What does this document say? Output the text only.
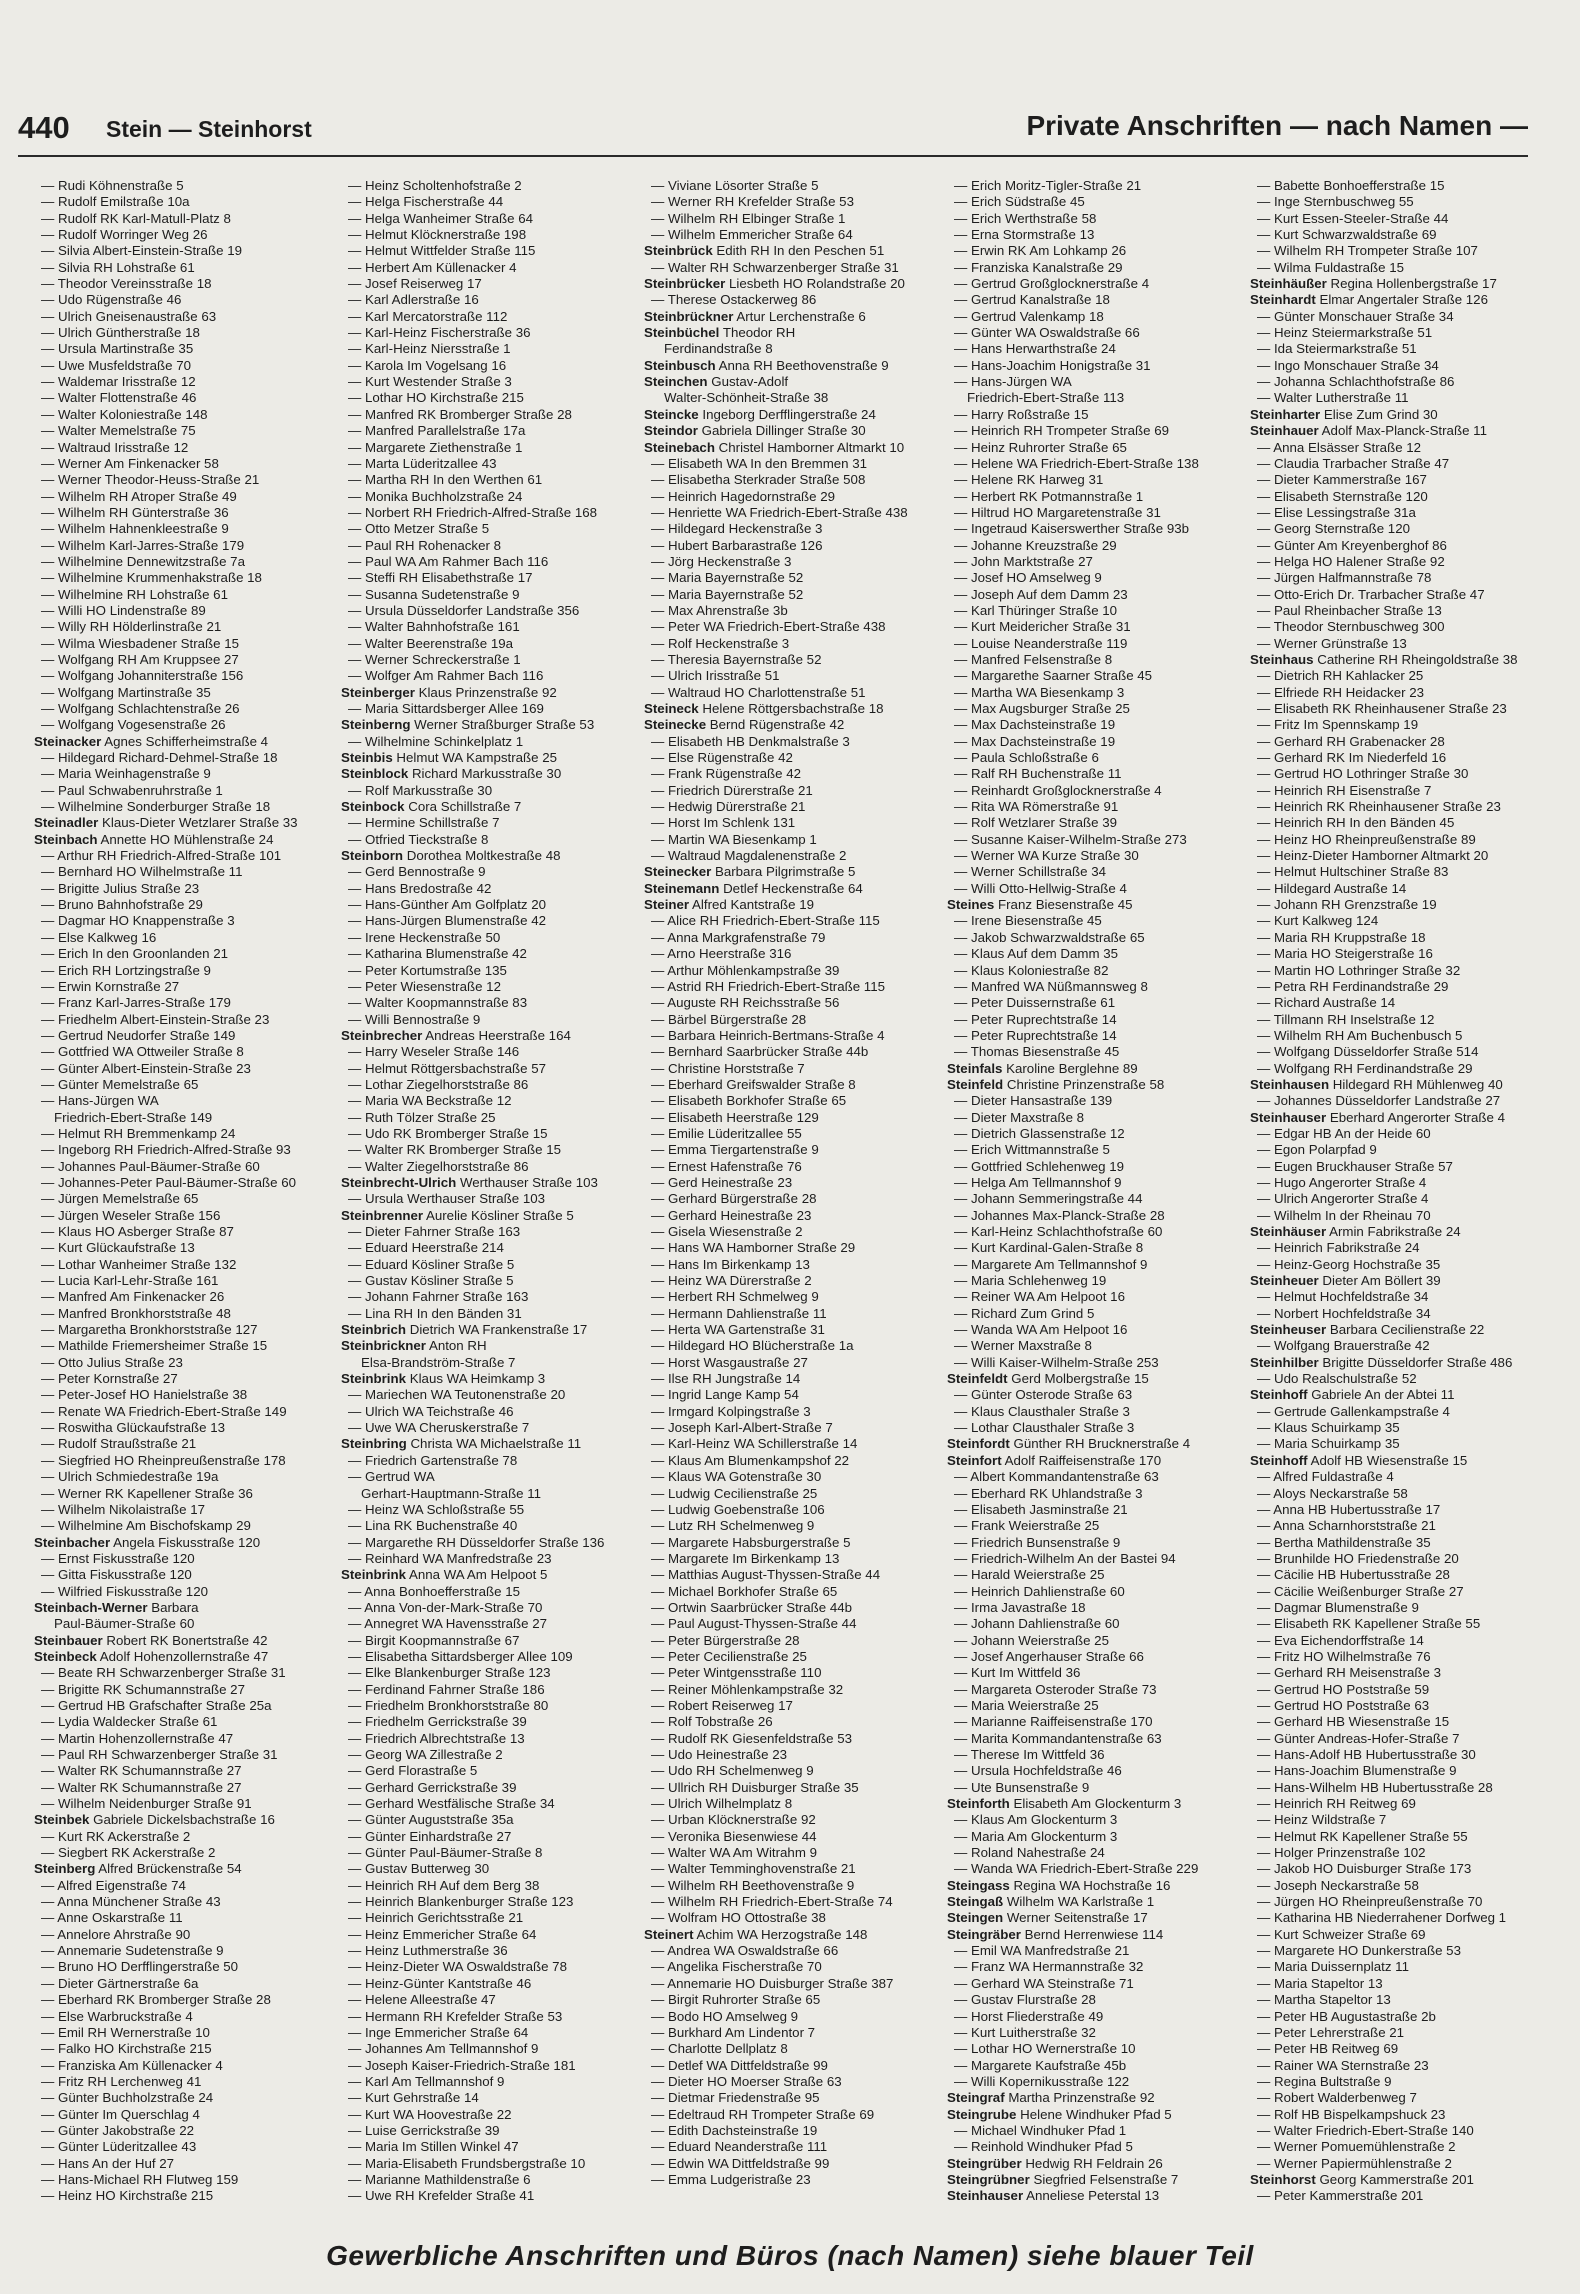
440 Stein — Steinhorst	Private Anschriften — nach Namen —
— Rudi Köhnenstraße 5
— Rudolf Emilstraße 10a
— Rudolf RK Karl-Matull-Platz 8
— Rudolf Worringer Weg 26
— Silvia Albert-Einstein-Straße 19
— Silvia RH Lohstraße 61
— Theodor Vereinsstraße 18
— Udo Rügenstraße 46
— Ulrich Gneisenaustraße 63
— Ulrich Güntherstraße 18
— Ursula Martinstraße 35
— Uwe Musfeldstraße 70
— Waldemar Irisstraße 12
— Walter Flottenstraße 46
— Walter Koloniestraße 148
— Walter Memelstraße 75
— Waltraud Irisstraße 12
— Werner Am Finkenacker 58
— Werner Theodor-Heuss-Straße 21
— Wilhelm RH Atroper Straße 49
— Wilhelm RH Günterstraße 36
— Wilhelm Hahnenkleestraße 9
— Wilhelm Karl-Jarres-Straße 179
— Wilhelmine Dennewitzstraße 7a
— Wilhelmine Krummenhakstraße 18
— Wilhelmine RH Lohstraße 61
— Willi HO Lindenstraße 89
— Willy RH Hölderlinstraße 21
— Wilma Wiesbadener Straße 15
— Wolfgang RH Am Kruppsee 27
— Wolfgang Johanniterstraße 156
— Wolfgang Martinstraße 35
— Wolfgang Schlachtenstraße 26
— Wolfgang Vogesenstraße 26
Steinacker Agnes Schifferheimstraße 4
— Hildegard Richard-Dehmel-Straße 18
— Maria Weinhagenstraße 9
— Paul Schwabenruhrstraße 1
— Wilhelmine Sonderburger Straße 18
Steinadler Klaus-Dieter Wetzlarer Straße 33
Steinbach Annette HO Mühlenstraße 24
— Arthur RH Friedrich-Alfred-Straße 101
— Bernhard HO Wilhelmstraße 11
— Brigitte Julius Straße 23
— Bruno Bahnhofstraße 29
— Dagmar HO Knappenstraße 3
— Else Kalkweg 16
— Erich In den Groonlanden 21
— Erich RH Lortzingstraße 9
— Erwin Kornstraße 27
— Franz Karl-Jarres-Straße 179
— Friedhelm Albert-Einstein-Straße 23
— Gertrud Neudorfer Straße 149
— Gottfried WA Ottweiler Straße 8
— Günter Albert-Einstein-Straße 23
— Günter Memelstraße 65
— Hans-Jürgen WA
Friedrich-Ebert-Straße 149
— Helmut RH Bremmenkamp 24
— Ingeborg RH Friedrich-Alfred-Straße 93
— Johannes Paul-Bäumer-Straße 60
— Johannes-Peter Paul-Bäumer-Straße 60
— Jürgen Memelstraße 65
— Jürgen Weseler Straße 156
— Klaus HO Asberger Straße 87
— Kurt Glückaufstraße 13
— Lothar Wanheimer Straße 132
— Lucia Karl-Lehr-Straße 161
— Manfred Am Finkenacker 26
— Manfred Bronkhorststraße 48
— Margaretha Bronkhorststraße 127
— Mathilde Friemersheimer Straße 15
— Otto Julius Straße 23
— Peter Kornstraße 27
— Peter-Josef HO Hanielstraße 38
— Renate WA Friedrich-Ebert-Straße 149
— Roswitha Glückaufstraße 13
— Rudolf Straußstraße 21
— Siegfried HO Rheinpreußenstraße 178
— Ulrich Schmiedestraße 19a
— Werner RK Kapellener Straße 36
— Wilhelm Nikolaistraße 17
— Wilhelmine Am Bischofskamp 29
Steinbacher Angela Fiskusstraße 120
— Ernst Fiskusstraße 120
— Gitta Fiskusstraße 120
— Wilfried Fiskusstraße 120
Steinbach-Werner Barbara
Paul-Bäumer-Straße 60
Steinbauer Robert RK Bonertstraße 42
Steinbeck Adolf Hohenzollernstraße 47
— Beate RH Schwarzenberger Straße 31
— Brigitte RK Schumannstraße 27
— Gertrud HB Grafschafter Straße 25a
— Lydia Waldecker Straße 61
— Martin Hohenzollernstraße 47
— Paul RH Schwarzenberger Straße 31
— Walter RK Schumannstraße 27
— Walter RK Schumannstraße 27
— Wilhelm Neidenburger Straße 91
Steinbek Gabriele Dickelsbachstraße 16
— Kurt RK Ackerstraße 2
— Siegbert RK Ackerstraße 2
Steinberg Alfred Brückenstraße 54
— Alfred Eigenstraße 74
— Anna Münchener Straße 43
— Anne Oskarstraße 11
— Annelore Ahrstraße 90
— Annemarie Sudetenstraße 9
— Bruno HO Derfflingerstraße 50
— Dieter Gärtnerstraße 6a
— Eberhard RK Bromberger Straße 28
— Else Warbruckstraße 4
— Emil RH Wernerstraße 10
— Falko HO Kirchstraße 215
— Franziska Am Küllenacker 4
— Fritz RH Lerchenweg 41
— Günter Buchholzstraße 24
— Günter Im Querschlag 4
— Günter Jakobstraße 22
— Günter Lüderitzallee 43
— Hans An der Huf 27
— Hans-Michael RH Flutweg 159
— Heinz HO Kirchstraße 215
— Heinz Scholtenhofstraße 2
— Helga Fischerstraße 44
— Helga Wanheimer Straße 64
— Helmut Klöcknerstraße 198
— Helmut Wittfelder Straße 115
— Herbert Am Küllenacker 4
— Josef Reiserweg 17
— Karl Adlerstraße 16
— Karl Mercatorstraße 112
— Karl-Heinz Fischerstraße 36
— Karl-Heinz Niersstraße 1
— Karola Im Vogelsang 16
— Kurt Westender Straße 3
— Lothar HO Kirchstraße 215
— Manfred RK Bromberger Straße 28
— Manfred Parallelstraße 17a
— Margarete Ziethenstraße 1
— Marta Lüderitzallee 43
— Martha RH In den Werthen 61
— Monika Buchholzstraße 24
— Norbert RH Friedrich-Alfred-Straße 168
— Otto Metzer Straße 5
— Paul RH Rohenacker 8
— Paul WA Am Rahmer Bach 116
— Steffi RH Elisabethstraße 17
— Susanna Sudetenstraße 9
— Ursula Düsseldorfer Landstraße 356
— Walter Bahnhofstraße 161
— Walter Beerenstraße 19a
— Werner Schreckerstraße 1
— Wolfger Am Rahmer Bach 116
Steinberger Klaus Prinzenstraße 92
— Maria Sittardsberger Allee 169
Steinberng Werner Straßburger Straße 53
— Wilhelmine Schinkelplatz 1
Steinbis Helmut WA Kampstraße 25
Steinblock Richard Markusstraße 30
— Rolf Markusstraße 30
Steinbock Cora Schillstraße 7
— Hermine Schillstraße 7
— Otfried Tieckstraße 8
Steinborn Dorothea Moltkestraße 48
— Gerd Bennostraße 9
— Hans Bredostraße 42
— Hans-Günther Am Golfplatz 20
— Hans-Jürgen Blumenstraße 42
— Irene Heckenstraße 50
— Katharina Blumenstraße 42
— Peter Kortumstraße 135
— Peter Wiesenstraße 12
— Walter Koopmannstraße 83
— Willi Bennostraße 9
Steinbrecher Andreas Heerstraße 164
— Harry Weseler Straße 146
— Helmut Röttgersbachstraße 57
— Lothar Ziegelhorststraße 86
— Maria WA Beckstraße 12
— Ruth Tölzer Straße 25
— Udo RK Bromberger Straße 15
— Walter RK Bromberger Straße 15
— Walter Ziegelhorststraße 86
Steinbrecht-Ulrich Werthauser Straße 103
— Ursula Werthauser Straße 103
Steinbrenner Aurelie Kösliner Straße 5
— Dieter Fahrner Straße 163
— Eduard Heerstraße 214
— Eduard Kösliner Straße 5
— Gustav Kösliner Straße 5
— Johann Fahrner Straße 163
— Lina RH In den Bänden 31
Steinbrich Dietrich WA Frankenstraße 17
Steinbrickner Anton RH
Elsa-Brandström-Straße 7
Steinbrink Klaus WA Heimkamp 3
— Mariechen WA Teutonenstraße 20
— Ulrich WA Teichstraße 46
— Uwe WA Cheruskerstraße 7
Steinbring Christa WA Michaelstraße 11
— Friedrich Gartenstraße 78
— Gertrud WA
Gerhart-Hauptmann-Straße 11
— Heinz WA Schloßstraße 55
— Lina RK Buchenstraße 40
— Margarethe RH Düsseldorfer Straße 136
— Reinhard WA Manfredstraße 23
Steinbrink Anna WA Am Helpoot 5
— Anna Bonhoefferstraße 15
— Anna Von-der-Mark-Straße 70
— Annegret WA Havensstraße 27
— Birgit Koopmannstraße 67
— Elisabetha Sittardsberger Allee 109
— Elke Blankenburger Straße 123
— Ferdinand Fahrner Straße 186
— Friedhelm Bronkhorststraße 80
— Friedhelm Gerrickstraße 39
— Friedrich Albrechtstraße 13
— Georg WA Zillestraße 2
— Gerd Florastraße 5
— Gerhard Gerrickstraße 39
— Gerhard Westfälische Straße 34
— Günter Auguststraße 35a
— Günter Einhardstraße 27
— Günter Paul-Bäumer-Straße 8
— Gustav Butterweg 30
— Heinrich RH Auf dem Berg 38
— Heinrich Blankenburger Straße 123
— Heinrich Gerichtsstraße 21
— Heinz Emmericher Straße 64
— Heinz Luthmerstraße 36
— Heinz-Dieter WA Oswaldstraße 78
— Heinz-Günter Kantstraße 46
— Helene Alleestraße 47
— Hermann RH Krefelder Straße 53
— Inge Emmericher Straße 64
— Johannes Am Tellmannshof 9
— Joseph Kaiser-Friedrich-Straße 181
— Karl Am Tellmannshof 9
— Kurt Gehrstraße 14
— Kurt WA Hoovestraße 22
— Luise Gerrickstraße 39
— Maria Im Stillen Winkel 47
— Maria-Elisabeth Frundsbergstraße 10
— Marianne Mathildenstraße 6
— Uwe RH Krefelder Straße 41
— Viviane Lösorter Straße 5
— Werner RH Krefelder Straße 53
— Wilhelm RH Elbinger Straße 1
— Wilhelm Emmericher Straße 64
Steinbrück Edith RH In den Peschen 51
— Walter RH Schwarzenberger Straße 31
Steinbrücker Liesbeth HO Rolandstraße 20
— Therese Ostackerweg 86
Steinbrückner Artur Lerchenstraße 6
Steinbüchel Theodor RH
Ferdinandstraße 8
Steinbusch Anna RH Beethovenstraße 9
Steinchen Gustav-Adolf
Walter-Schönheit-Straße 38
Steincke Ingeborg Derfflingerstraße 24
Steindor Gabriela Dillinger Straße 30
Steinebach Christel Hamborner Altmarkt 10
— Elisabeth WA In den Bremmen 31
— Elisabetha Sterkrader Straße 508
— Heinrich Hagedornstraße 29
— Henriette WA Friedrich-Ebert-Straße 438
— Hildegard Heckenstraße 3
— Hubert Barbarastraße 126
— Jörg Heckenstraße 3
— Maria Bayernstraße 52
— Maria Bayernstraße 52
— Max Ahrenstraße 3b
— Peter WA Friedrich-Ebert-Straße 438
— Rolf Heckenstraße 3
— Theresia Bayernstraße 52
— Ulrich Irisstraße 51
— Waltraud HO Charlottenstraße 51
Steineck Helene Röttgersbachstraße 18
Steinecke Bernd Rügenstraße 42
— Elisabeth HB Denkmalstraße 3
— Else Rügenstraße 42
— Frank Rügenstraße 42
— Friedrich Dürerstraße 21
— Hedwig Dürerstraße 21
— Horst Im Schlenk 131
— Martin WA Biesenkamp 1
— Waltraud Magdalenenstraße 2
Steinecker Barbara Pilgrimstraße 5
Steinemann Detlef Heckenstraße 64
Steiner Alfred Kantstraße 19
— Alice RH Friedrich-Ebert-Straße 115
— Anna Markgrafenstraße 79
— Arno Heerstraße 316
— Arthur Möhlenkampstraße 39
— Astrid RH Friedrich-Ebert-Straße 115
— Auguste RH Reichsstraße 56
— Bärbel Bürgerstraße 28
— Barbara Heinrich-Bertmans-Straße 4
— Bernhard Saarbrücker Straße 44b
— Christine Horststraße 7
— Eberhard Greifswalder Straße 8
— Elisabeth Borkhofer Straße 65
— Elisabeth Heerstraße 129
— Emilie Lüderitzallee 55
— Emma Tiergartenstraße 9
— Ernest Hafenstraße 76
— Gerd Heinestraße 23
— Gerhard Bürgerstraße 28
— Gerhard Heinestraße 23
— Gisela Wiesenstraße 2
— Hans WA Hamborner Straße 29
— Hans Im Birkenkamp 13
— Heinz WA Dürerstraße 2
— Herbert RH Schmelweg 9
— Hermann Dahlienstraße 11
— Herta WA Gartenstraße 31
— Hildegard HO Blücherstraße 1a
— Horst Wasgaustraße 27
— Ilse RH Jungstraße 14
— Ingrid Lange Kamp 54
— Irmgard Kolpingstraße 3
— Joseph Karl-Albert-Straße 7
— Karl-Heinz WA Schillerstraße 14
— Klaus Am Blumenkampshof 22
— Klaus WA Gotenstraße 30
— Ludwig Cecilienstraße 25
— Ludwig Goebenstraße 106
— Lutz RH Schelmenweg 9
— Margarete Habsburgerstraße 5
— Margarete Im Birkenkamp 13
— Matthias August-Thyssen-Straße 44
— Michael Borkhofer Straße 65
— Ortwin Saarbrücker Straße 44b
— Paul August-Thyssen-Straße 44
— Peter Bürgerstraße 28
— Peter Cecilienstraße 25
— Peter Wintgensstraße 110
— Reiner Möhlenkampstraße 32
— Robert Reiserweg 17
— Rolf Tobstraße 26
— Rudolf RK Giesenfeldstraße 53
— Udo Heinestraße 23
— Udo RH Schelmenweg 9
— Ullrich RH Duisburger Straße 35
— Ulrich Wilhelmplatz 8
— Urban Klöcknerstraße 92
— Veronika Biesenwiese 44
— Walter WA Am Witrahm 9
— Walter Temminghovenstraße 21
— Wilhelm RH Beethovenstraße 9
— Wilhelm RH Friedrich-Ebert-Straße 74
— Wolfram HO Ottostraße 38
Steinert Achim WA Herzogstraße 148
— Andrea WA Oswaldstraße 66
— Angelika Fischerstraße 70
— Annemarie HO Duisburger Straße 387
— Birgit Ruhrorter Straße 65
— Bodo HO Amselweg 9
— Burkhard Am Lindentor 7
— Charlotte Dellplatz 8
— Detlef WA Dittfeldstraße 99
— Dieter HO Moerser Straße 63
— Dietmar Friedenstraße 95
— Edeltraud RH Trompeter Straße 69
— Edith Dachsteinstraße 19
— Eduard Neanderstraße 111
— Edwin WA Dittfeldstraße 99
— Emma Ludgeristraße 23
— Erich Moritz-Tigler-Straße 21
— Erich Südstraße 45
— Erich Werthstraße 58
— Erna Stormstraße 13
— Erwin RK Am Lohkamp 26
— Franziska Kanalstraße 29
— Gertrud Großglocknerstraße 4
— Gertrud Kanalstraße 18
— Gertrud Valenkamp 18
— Günter WA Oswaldstraße 66
— Hans Herwarthstraße 24
— Hans-Joachim Honigstraße 31
— Hans-Jürgen WA
Friedrich-Ebert-Straße 113
— Harry Roßstraße 15
— Heinrich RH Trompeter Straße 69
— Heinz Ruhrorter Straße 65
— Helene WA Friedrich-Ebert-Straße 138
— Helene RK Harweg 31
— Herbert RK Potmannstraße 1
— Hiltrud HO Margaretenstraße 31
— Ingetraud Kaiserswerther Straße 93b
— Johanne Kreuzstraße 29
— John Marktstraße 27
— Josef HO Amselweg 9
— Joseph Auf dem Damm 23
— Karl Thüringer Straße 10
— Kurt Meidericher Straße 31
— Louise Neanderstraße 119
— Manfred Felsenstraße 8
— Margarethe Saarner Straße 45
— Martha WA Biesenkamp 3
— Max Augsburger Straße 25
— Max Dachsteinstraße 19
— Max Dachsteinstraße 19
— Paula Schloßstraße 6
— Ralf RH Buchenstraße 11
— Reinhardt Großglocknerstraße 4
— Rita WA Römerstraße 91
— Rolf Wetzlarer Straße 39
— Susanne Kaiser-Wilhelm-Straße 273
— Werner WA Kurze Straße 30
— Werner Schillstraße 34
— Willi Otto-Hellwig-Straße 4
Steines Franz Biesenstraße 45
— Irene Biesenstraße 45
— Jakob Schwarzwaldstraße 65
— Klaus Auf dem Damm 35
— Klaus Koloniestraße 82
— Manfred WA Nüßmannsweg 8
— Peter Duissernstraße 61
— Peter Ruprechtstraße 14
— Peter Ruprechtstraße 14
— Thomas Biesenstraße 45
Steinfals Karoline Berglehne 89
Steinfeld Christine Prinzenstraße 58
— Dieter Hansastraße 139
— Dieter Maxstraße 8
— Dietrich Glassenstraße 12
— Erich Wittmannstraße 5
— Gottfried Schlehenweg 19
— Helga Am Tellmannshof 9
— Johann Semmeringstraße 44
— Johannes Max-Planck-Straße 28
— Karl-Heinz Schlachthofstraße 60
— Kurt Kardinal-Galen-Straße 8
— Margarete Am Tellmannshof 9
— Maria Schlehenweg 19
— Reiner WA Am Helpoot 16
— Richard Zum Grind 5
— Wanda WA Am Helpoot 16
— Werner Maxstraße 8
— Willi Kaiser-Wilhelm-Straße 253
Steinfeldt Gerd Molbergstraße 15
— Günter Osterode Straße 63
— Klaus Clausthaler Straße 3
— Lothar Clausthaler Straße 3
Steinfordt Günther RH Brucknerstraße 4
Steinfort Adolf Raiffeisenstraße 170
— Albert Kommandantenstraße 63
— Eberhard RK Uhlandstraße 3
— Elisabeth Jasminstraße 21
— Frank Weierstraße 25
— Friedrich Bunsenstraße 9
— Friedrich-Wilhelm An der Bastei 94
— Harald Weierstraße 25
— Heinrich Dahlienstraße 60
— Irma Javastraße 18
— Johann Dahlienstraße 60
— Johann Weierstraße 25
— Josef Angerhauser Straße 66
— Kurt Im Wittfeld 36
— Margareta Osteroder Straße 73
— Maria Weierstraße 25
— Marianne Raiffeisenstraße 170
— Marita Kommandantenstraße 63
— Therese Im Wittfeld 36
— Ursula Hochfeldstraße 46
— Ute Bunsenstraße 9
Steinforth Elisabeth Am Glockenturm 3
— Klaus Am Glockenturm 3
— Maria Am Glockenturm 3
— Roland Nahestraße 24
— Wanda WA Friedrich-Ebert-Straße 229
Steingass Regina WA Hochstraße 16
Steingaß Wilhelm WA Karlstraße 1
Steingen Werner Seitenstraße 17
Steingräber Bernd Herrenwiese 114
— Emil WA Manfredstraße 21
— Franz WA Hermannstraße 32
— Gerhard WA Steinstraße 71
— Gustav Flurstraße 28
— Horst Fliederstraße 49
— Kurt Luitherstraße 32
— Lothar HO Wernerstraße 10
— Margarete Kaufstraße 45b
— Willi Kopernikusstraße 122
Steingraf Martha Prinzenstraße 92
Steingrube Helene Windhuker Pfad 5
— Michael Windhuker Pfad 1
— Reinhold Windhuker Pfad 5
Steingrüber Hedwig RH Feldrain 26
Steingrübner Siegfried Felsenstraße 7
Steinhauser Anneliese Peterstal 13
— Babette Bonhoefferstraße 15
— Inge Sternbuschweg 55
— Kurt Essen-Steeler-Straße 44
— Kurt Schwarzwaldstraße 69
— Wilhelm RH Trompeter Straße 107
— Wilma Fuldastraße 15
Steinhäußer Regina Hollenbergstraße 17
Steinhardt Elmar Angertaler Straße 126
— Günter Monschauer Straße 34
— Heinz Steiermarkstraße 51
— Ida Steiermarkstraße 51
— Ingo Monschauer Straße 34
— Johanna Schlachthofstraße 86
— Walter Lutherstraße 11
Steinharter Elise Zum Grind 30
Steinhauer Adolf Max-Planck-Straße 11
— Anna Elsässer Straße 12
— Claudia Trarbacher Straße 47
— Dieter Kammerstraße 167
— Elisabeth Sternstraße 120
— Elise Lessingstraße 31a
— Georg Sternstraße 120
— Günter Am Kreyenberghof 86
— Helga HO Halener Straße 92
— Jürgen Halfmannstraße 78
— Otto-Erich Dr. Trarbacher Straße 47
— Paul Rheinbacher Straße 13
— Theodor Sternbuschweg 300
— Werner Grünstraße 13
Steinhaus Catherine RH Rheingoldstraße 38
— Dietrich RH Kahlacker 25
— Elfriede RH Heidacker 23
— Elisabeth RK Rheinhausener Straße 23
— Fritz Im Spennskamp 19
— Gerhard RH Grabenacker 28
— Gerhard RK Im Niederfeld 16
— Gertrud HO Lothringer Straße 30
— Heinrich RH Eisenstraße 7
— Heinrich RK Rheinhausener Straße 23
— Heinrich RH In den Bänden 45
— Heinz HO Rheinpreußenstraße 89
— Heinz-Dieter Hamborner Altmarkt 20
— Helmut Hultschiner Straße 83
— Hildegard Austraße 14
— Johann RH Grenzstraße 19
— Kurt Kalkweg 124
— Maria RH Kruppstraße 18
— Maria HO Steigerstraße 16
— Martin HO Lothringer Straße 32
— Petra RH Ferdinandstraße 29
— Richard Austraße 14
— Tillmann RH Inselstraße 12
— Wilhelm RH Am Buchenbusch 5
— Wolfgang Düsseldorfer Straße 514
— Wolfgang RH Ferdinandstraße 29
Steinhausen Hildegard RH Mühlenweg 40
— Johannes Düsseldorfer Landstraße 27
Steinhauser Eberhard Angerorter Straße 4
— Edgar HB An der Heide 60
— Egon Polarpfad 9
— Eugen Bruckhauser Straße 57
— Hugo Angerorter Straße 4
— Ulrich Angerorter Straße 4
— Wilhelm In der Rheinau 70
Steinhäuser Armin Fabrikstraße 24
— Heinrich Fabrikstraße 24
— Heinz-Georg Hochstraße 35
Steinheuer Dieter Am Böllert 39
— Helmut Hochfeldstraße 34
— Norbert Hochfeldstraße 34
Steinheuser Barbara Cecilienstraße 22
— Wolfgang Brauerstraße 42
Steinhilber Brigitte Düsseldorfer Straße 486
— Udo Realschulstraße 52
Steinhoff Gabriele An der Abtei 11
— Gertrude Gallenkampstraße 4
— Klaus Schuirkamp 35
— Maria Schuirkamp 35
Steinhoff Adolf HB Wiesenstraße 15
— Alfred Fuldastraße 4
— Aloys Neckarstraße 58
— Anna HB Hubertusstraße 17
— Anna Scharnhorststraße 21
— Bertha Mathildenstraße 35
— Brunhilde HO Friedenstraße 20
— Cäcilie HB Hubertusstraße 28
— Cäcilie Weißenburger Straße 27
— Dagmar Blumenstraße 9
— Elisabeth RK Kapellener Straße 55
— Eva Eichendorffstraße 14
— Fritz HO Wilhelmstraße 76
— Gerhard RH Meisenstraße 3
— Gertrud HO Poststraße 59
— Gertrud HO Poststraße 63
— Gerhard HB Wiesenstraße 15
— Günter Andreas-Hofer-Straße 7
— Hans-Adolf HB Hubertusstraße 30
— Hans-Joachim Blumenstraße 9
— Hans-Wilhelm HB Hubertusstraße 28
— Heinrich RH Reitweg 69
— Heinz Wildstraße 7
— Helmut RK Kapellener Straße 55
— Holger Prinzenstraße 102
— Jakob HO Duisburger Straße 173
— Joseph Neckarstraße 58
— Jürgen HO Rheinpreußenstraße 70
— Katharina HB Niederrahener Dorfweg 1
— Kurt Schweizer Straße 69
— Margarete HO Dunkerstraße 53
— Maria Duissernplatz 11
— Maria Stapeltor 13
— Martha Stapeltor 13
— Peter HB Augustastraße 2b
— Peter Lehrerstraße 21
— Peter HB Reitweg 69
— Rainer WA Sternstraße 23
— Regina Bultstraße 9
— Robert Walderbenweg 7
— Rolf HB Bispelkampshuck 23
— Walter Friedrich-Ebert-Straße 140
— Werner Pomuemühlenstraße 2
— Werner Papiermühlenstraße 2
Steinhorst Georg Kammerstraße 201
— Peter Kammerstraße 201
Gewerbliche Anschriften und Büros (nach Namen) siehe blauer Teil
